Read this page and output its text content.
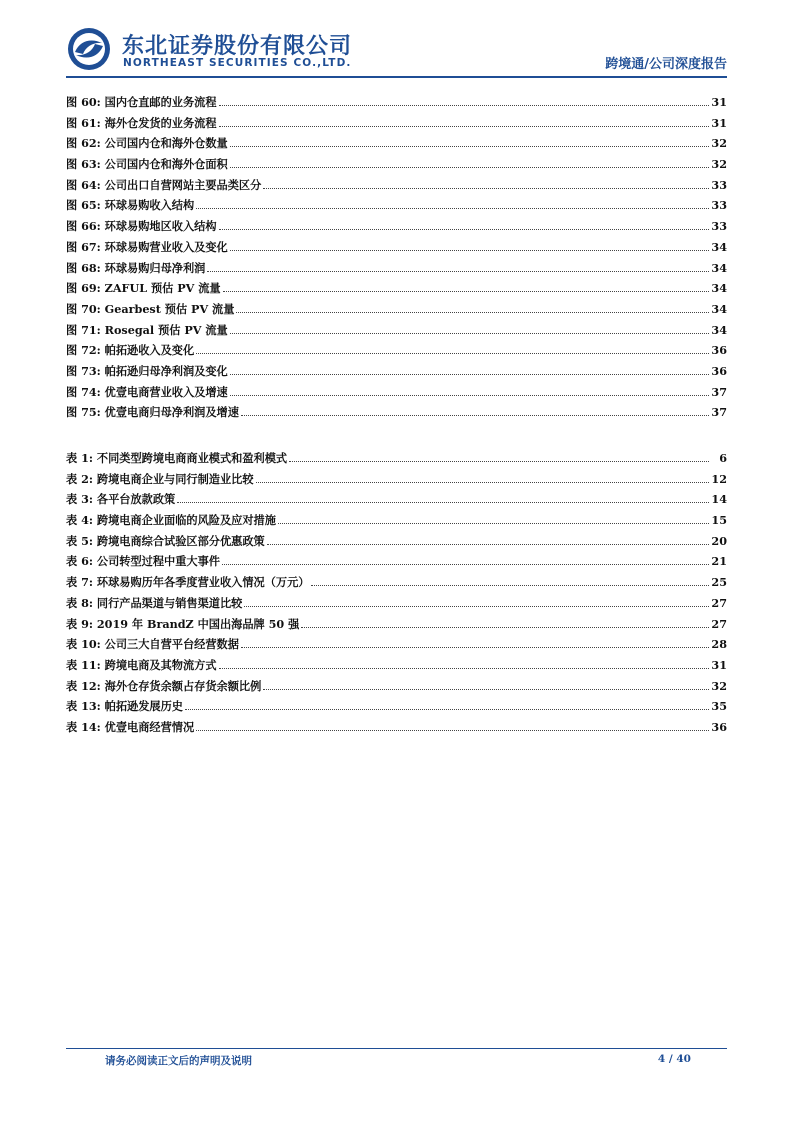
东北证券股份有限公司
NORTHEAST SECURITIES CO.,LTD.	跨境通/公司深度报告
图 60: 国内仓直邮的业务流程	31
图 61: 海外仓发货的业务流程	31
图 62: 公司国内仓和海外仓数量	32
图 63: 公司国内仓和海外仓面积	32
图 64: 公司出口自营网站主要品类区分	33
图 65: 环球易购收入结构	33
图 66: 环球易购地区收入结构	33
图 67: 环球易购营业收入及变化	34
图 68: 环球易购归母净利润	34
图 69: ZAFUL 预估 PV 流量	34
图 70: Gearbest 预估 PV 流量	34
图 71: Rosegal 预估 PV 流量	34
图 72: 帕拓逊收入及变化	36
图 73: 帕拓逊归母净利润及变化	36
图 74: 优壹电商营业收入及增速	37
图 75: 优壹电商归母净利润及增速	37
表 1: 不同类型跨境电商商业模式和盈利模式	6
表 2: 跨境电商企业与同行制造业比较	12
表 3: 各平台放款政策	14
表 4: 跨境电商企业面临的风险及应对措施	15
表 5: 跨境电商综合试验区部分优惠政策	20
表 6: 公司转型过程中重大事件	21
表 7: 环球易购历年各季度营业收入情况（万元）	25
表 8: 同行产品渠道与销售渠道比较	27
表 9: 2019 年 BrandZ 中国出海品牌 50 强	27
表 10: 公司三大自营平台经营数据	28
表 11: 跨境电商及其物流方式	31
表 12: 海外仓存货余额占存货余额比例	32
表 13: 帕拓逊发展历史	35
表 14: 优壹电商经营情况	36
请务必阅读正文后的声明及说明	4 / 40
